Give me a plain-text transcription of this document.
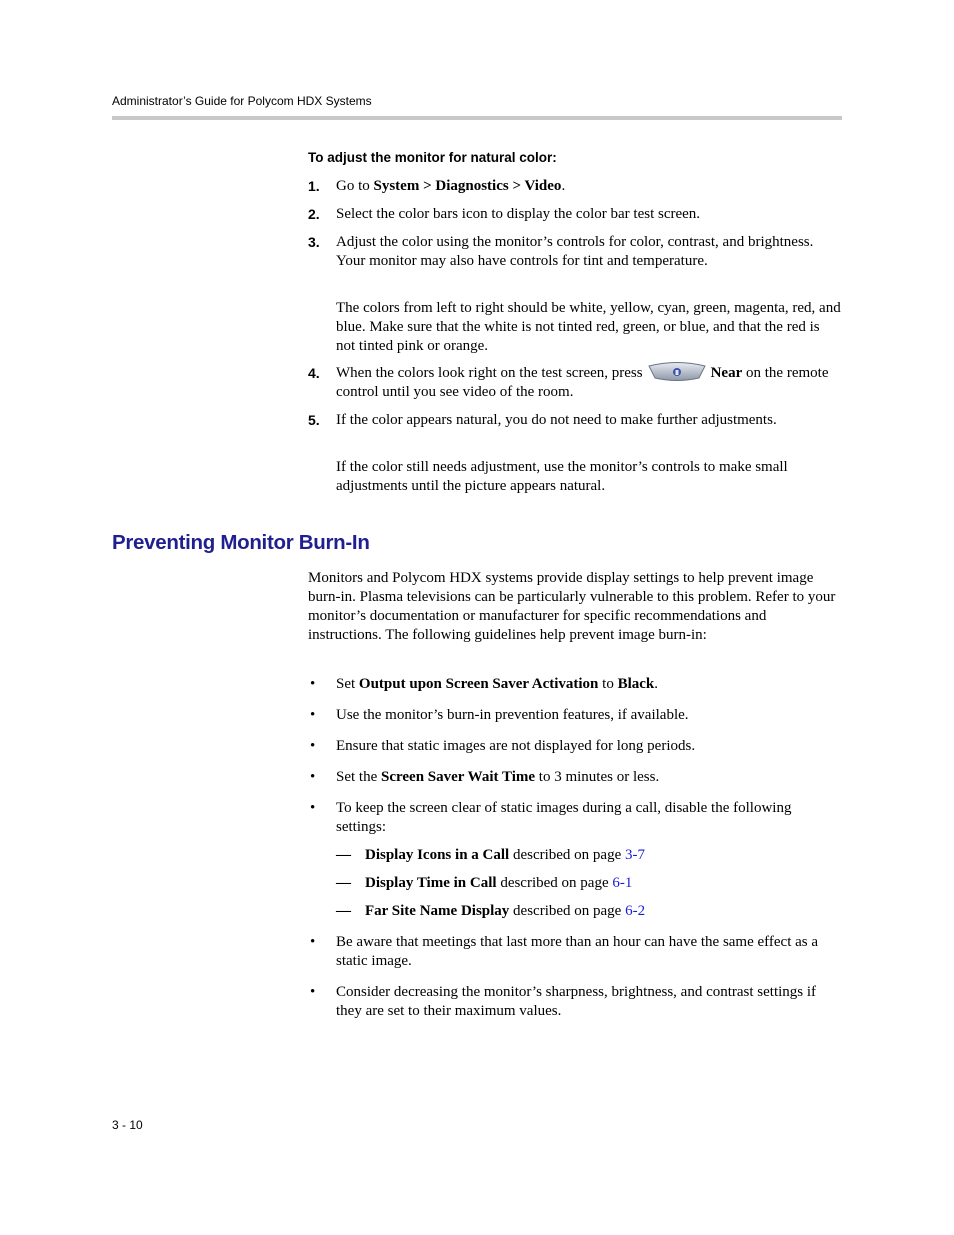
Administrator’s Guide for Polycom HDX Systems
To adjust the monitor for natural color:
1. Go to System > Diagnostics > Video.
2. Select the color bars icon to display the color bar test screen.
3. Adjust the color using the monitor’s controls for color, contrast, and brightness. Your monitor may also have controls for tint and temperature.
The colors from left to right should be white, yellow, cyan, green, magenta, red, and blue. Make sure that the white is not tinted red, green, or blue, and that the red is not tinted pink or orange.
4. When the colors look right on the test screen, press	Near on the remote control until you see video of the room.
5. If the color appears natural, you do not need to make further adjustments.
If the color still needs adjustment, use the monitor’s controls to make small adjustments until the picture appears natural.
Preventing Monitor Burn-In
Monitors and Polycom HDX systems provide display settings to help prevent image burn-in. Plasma televisions can be particularly vulnerable to this problem. Refer to your monitor’s documentation or manufacturer for specific recommendations and instructions. The following guidelines help prevent image burn-in:
• Set Output upon Screen Saver Activation to Black.
• Use the monitor’s burn-in prevention features, if available.
• Ensure that static images are not displayed for long periods.
• Set the Screen Saver Wait Time to 3 minutes or less.
• To keep the screen clear of static images during a call, disable the following settings:
— Display Icons in a Call described on page 3-7
— Display Time in Call described on page 6-1
— Far Site Name Display described on page 6-2
• Be aware that meetings that last more than an hour can have the same effect as a static image.
• Consider decreasing the monitor’s sharpness, brightness, and contrast settings if they are set to their maximum values.
3 - 10
